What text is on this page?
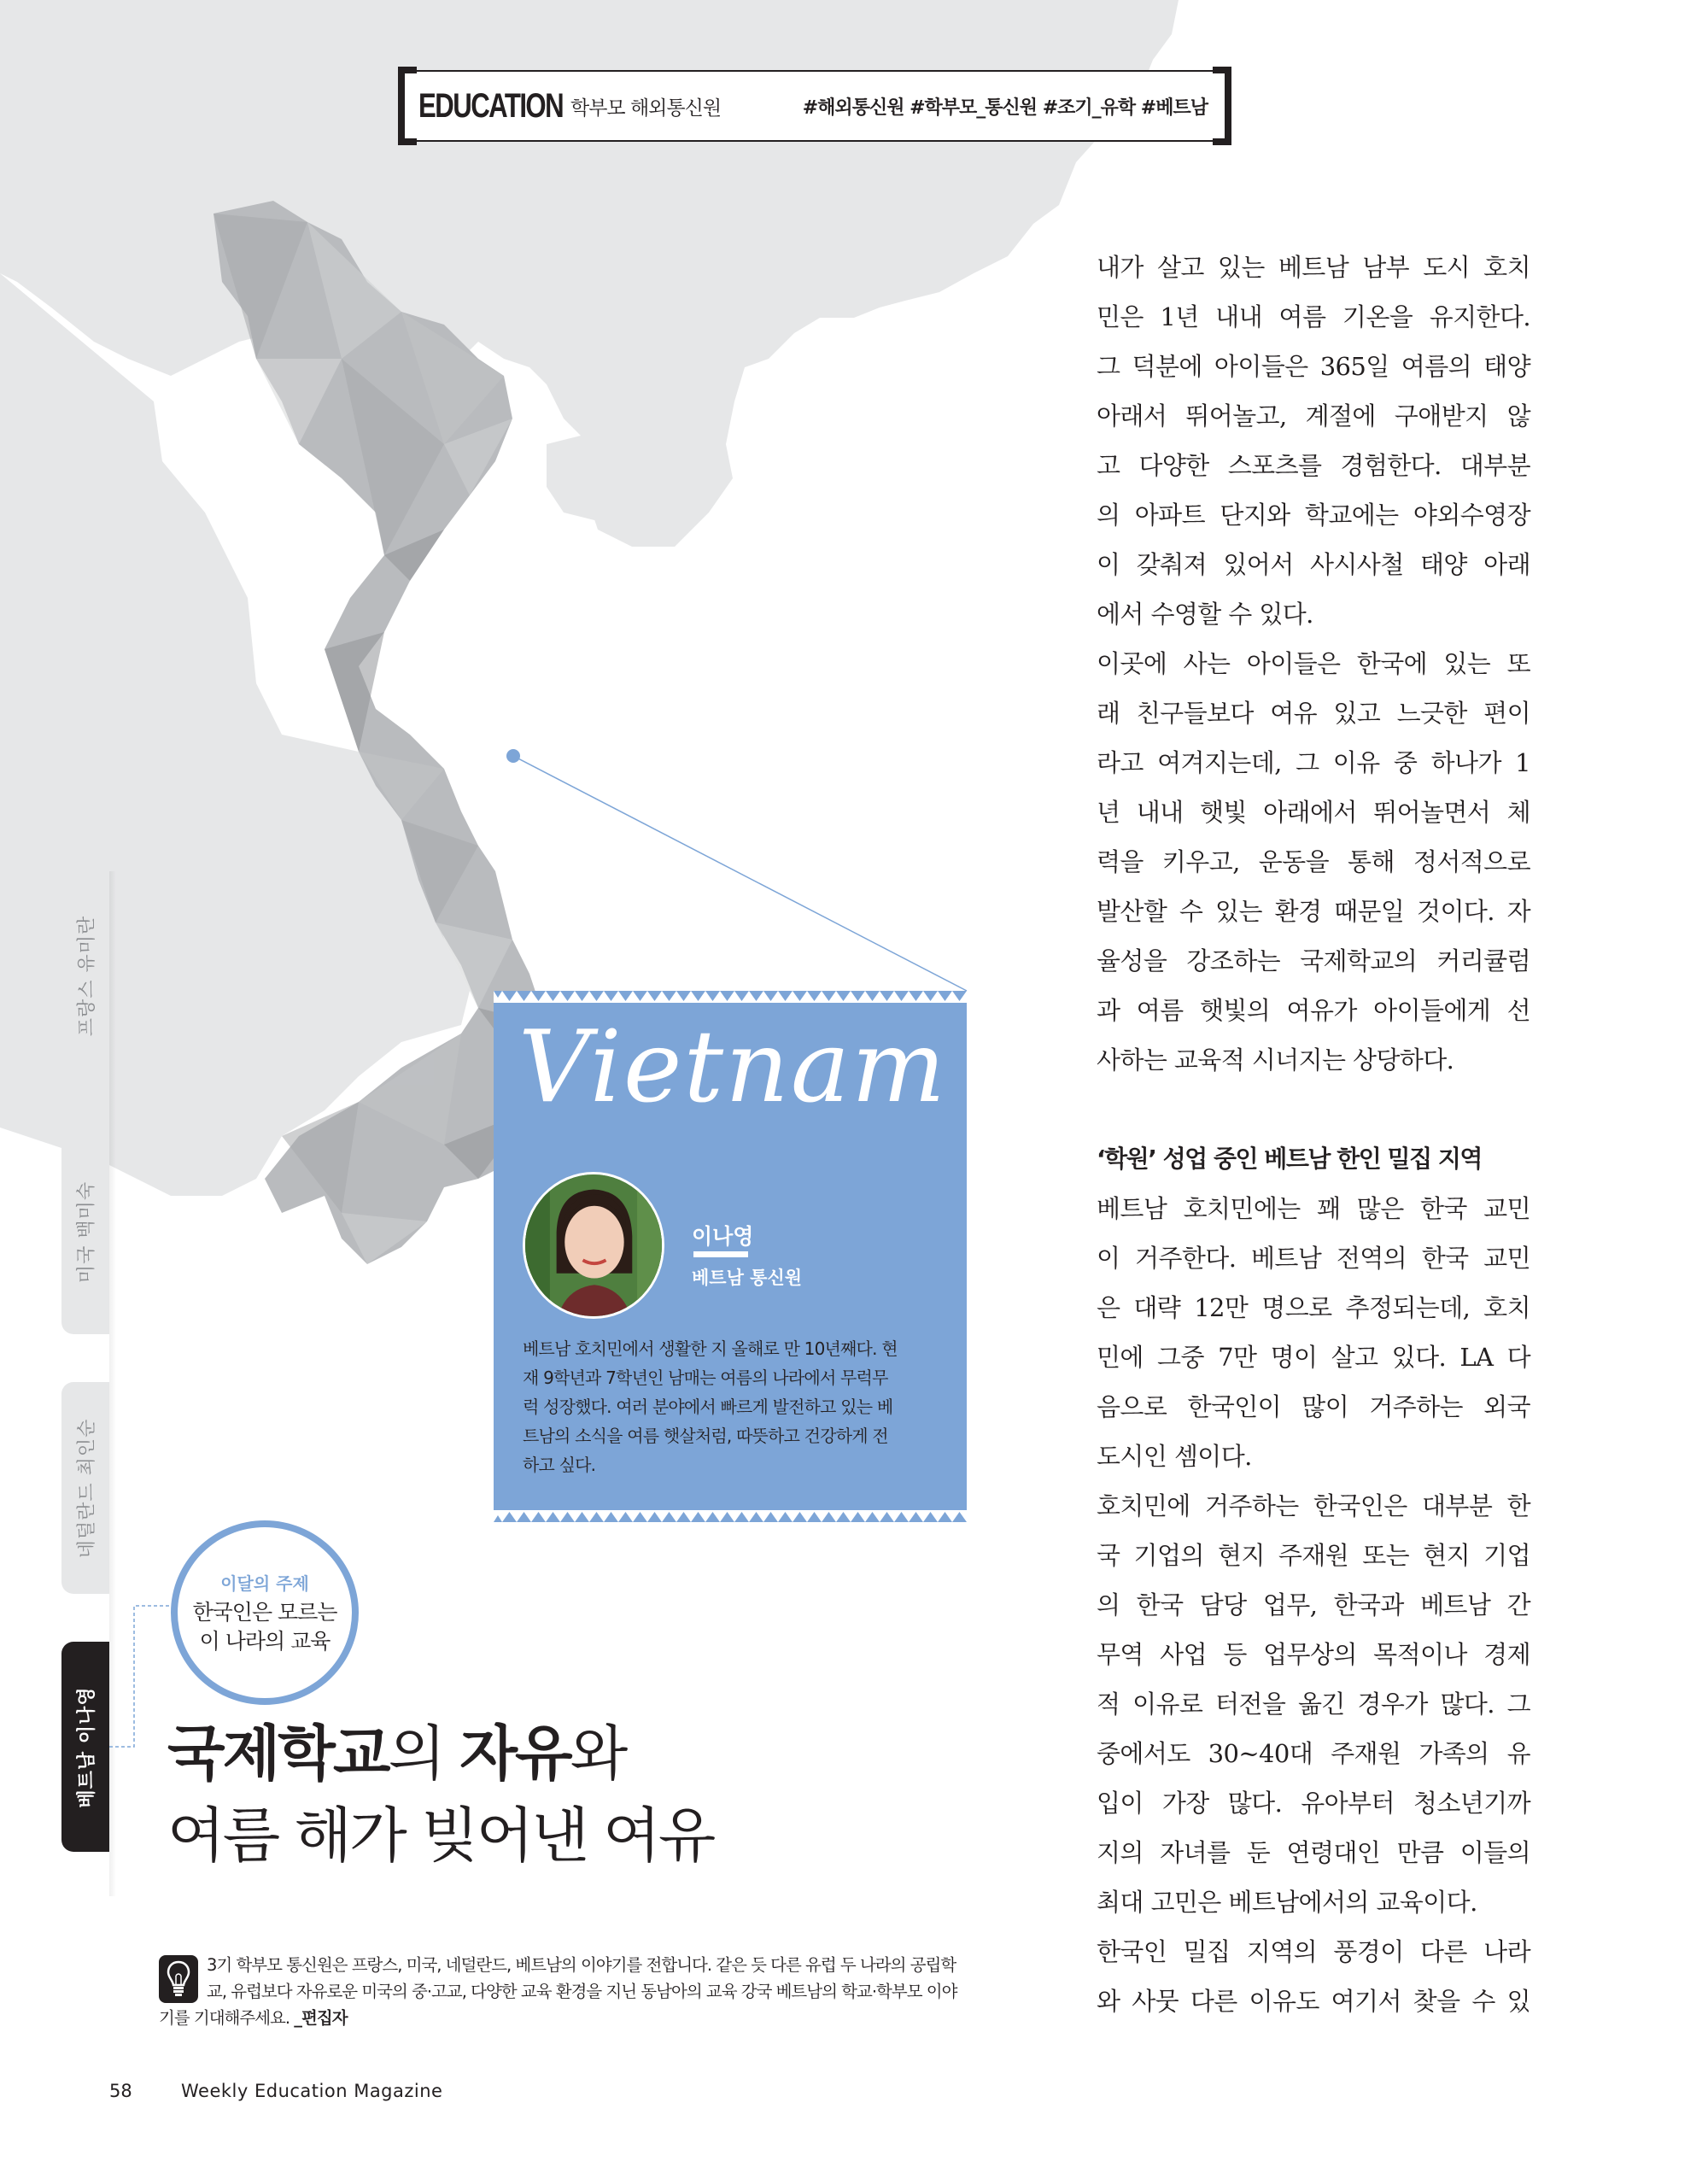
EDUCATION 학부모 해외통신원	#해외통신원 #학부모_통신원 #조기_유학 #베트남
프랑스 유미란
미국 백미숙
네덜란드 최인순
베트남 이나영
Vietnam
이나영
베트남 통신원
베트남 호치민에서 생활한 지 올해로 만 10년째다. 현
재 9학년과 7학년인 남매는 여름의 나라에서 무럭무
럭 성장했다. 여러 분야에서 빠르게 발전하고 있는 베
트남의 소식을 여름 햇살처럼, 따뜻하고 건강하게 전
하고 싶다.
이달의 주제
한국인은 모르는
이 나라의 교육
국제학교의 자유와
여름 해가 빚어낸 여유
3기 학부모 통신원은 프랑스, 미국, 네덜란드, 베트남의 이야기를 전합니다. 같은 듯 다른 유럽 두 나라의 공립학교, 유럽보다 자유로운 미국의 중·고교, 다양한 교육 환경을 지닌 동남아의 교육 강국 베트남의 학교·학부모 이야기를 기대해주세요. _편집자
58	Weekly Education Magazine
내가 살고 있는 베트남 남부 도시 호치
민은 1년 내내 여름 기온을 유지한다.
그 덕분에 아이들은 365일 여름의 태양
아래서 뛰어놀고, 계절에 구애받지 않
고 다양한 스포츠를 경험한다. 대부분
의 아파트 단지와 학교에는 야외수영장
이 갖춰져 있어서 사시사철 태양 아래
에서 수영할 수 있다.
이곳에 사는 아이들은 한국에 있는 또
래 친구들보다 여유 있고 느긋한 편이
라고 여겨지는데, 그 이유 중 하나가 1
년 내내 햇빛 아래에서 뛰어놀면서 체
력을 키우고, 운동을 통해 정서적으로
발산할 수 있는 환경 때문일 것이다. 자
율성을 강조하는 국제학교의 커리큘럼
과 여름 햇빛의 여유가 아이들에게 선
사하는 교육적 시너지는 상당하다.
‘학원’ 성업 중인 베트남 한인 밀집 지역
베트남 호치민에는 꽤 많은 한국 교민
이 거주한다. 베트남 전역의 한국 교민
은 대략 12만 명으로 추정되는데, 호치
민에 그중 7만 명이 살고 있다. LA 다
음으로 한국인이 많이 거주하는 외국
도시인 셈이다.
호치민에 거주하는 한국인은 대부분 한
국 기업의 현지 주재원 또는 현지 기업
의 한국 담당 업무, 한국과 베트남 간
무역 사업 등 업무상의 목적이나 경제
적 이유로 터전을 옮긴 경우가 많다. 그
중에서도 30~40대 주재원 가족의 유
입이 가장 많다. 유아부터 청소년기까
지의 자녀를 둔 연령대인 만큼 이들의
최대 고민은 베트남에서의 교육이다.
한국인 밀집 지역의 풍경이 다른 나라
와 사뭇 다른 이유도 여기서 찾을 수 있
